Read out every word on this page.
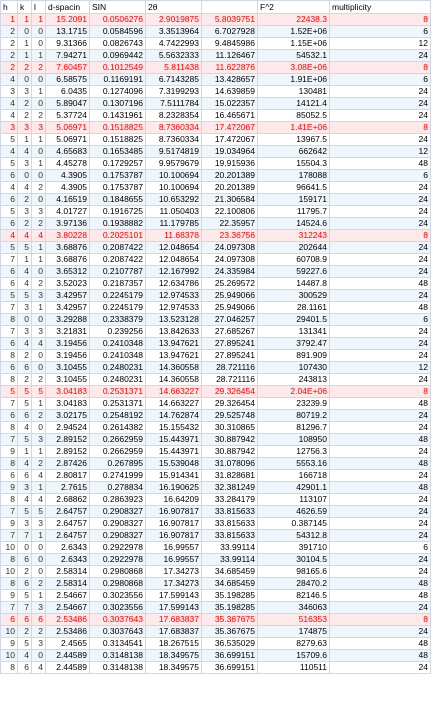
h	k	l	d-spacin	SIN	2θ		F^2	multiplicity
1	1	1	15.2091	0.0506276	2.9019875	5.8039751	22438.3	8
2	0	0	13.1715	0.0584596	3.3513964	6.7027928	1.52E+06	6
2	1	0	9.31366	0.0826743	4.7422993	9.4845986	1.15E+06	12
2	1	1	7.94271	0.0969442	5.5632333	11.126467	54532.1	24
2	2	2	7.60457	0.1012549	5.811438	11.622876	3.08E+06	8
4	0	0	6.58575	0.1169191	6.7143285	13.428657	1.91E+06	6
3	3	1	6.0435	0.1274096	7.3199293	14.639859	130481	24
4	2	0	5.89047	0.1307196	7.5111784	15.022357	14121.4	24
4	2	2	5.37724	0.1431961	8.2328354	16.465671	85052.5	24
3	3	3	5.06971	0.1518825	8.7360334	17.472067	1.41E+06	8
5	1	1	5.06971	0.1518825	8.7360334	17.472067	13967.5	24
4	4	0	4.65683	0.1653485	9.5174819	19.034964	662642	12
5	3	1	4.45278	0.1729257	9.9579679	19.915936	15504.3	48
6	0	0	4.3905	0.1753787	10.100694	20.201389	178088	6
4	4	2	4.3905	0.1753787	10.100694	20.201389	96641.5	24
6	2	0	4.16519	0.1848655	10.653292	21.306584	159171	24
5	3	3	4.01727	0.1916725	11.050403	22.100806	11795.7	24
6	2	2	3.97136	0.1938882	11.179785	22.35957	14524.6	24
4	4	4	3.80228	0.2025101	11.68378	23.36756	312243	8
5	5	1	3.68876	0.2087422	12.048654	24.097308	202644	24
7	1	1	3.68876	0.2087422	12.048654	24.097308	60708.9	24
6	4	0	3.65312	0.2107787	12.167992	24.335984	59227.6	24
6	4	2	3.52023	0.2187357	12.634786	25.269572	14487.8	48
5	5	3	3.42957	0.2245179	12.974533	25.949066	300529	24
7	3	1	3.42957	0.2245179	12.974533	25.949066	28.1161	48
8	0	0	3.29288	0.2338379	13.523128	27.046257	29401.5	6
7	3	3	3.21831	0.239256	13.842633	27.685267	131341	24
6	4	4	3.19456	0.2410348	13.947621	27.895241	3792.47	24
8	2	0	3.19456	0.2410348	13.947621	27.895241	891.909	24
6	6	0	3.10455	0.2480231	14.360558	28.721116	107430	12
8	2	2	3.10455	0.2480231	14.360558	28.721116	243813	24
5	5	5	3.04183	0.2531371	14.663227	29.326454	2.04E+06	8
7	5	1	3.04183	0.2531371	14.663227	29.326454	23239.9	48
6	6	2	3.02175	0.2548192	14.762874	29.525748	80719.2	24
8	4	0	2.94524	0.2614382	15.155432	30.310865	81296.7	24
7	5	3	2.89152	0.2662959	15.443971	30.887942	108950	48
9	1	1	2.89152	0.2662959	15.443971	30.887942	12756.3	24
8	4	2	2.87426	0.267895	15.539048	31.078096	5553.16	48
6	6	4	2.80817	0.2741999	15.914341	31.828681	166718	24
9	3	1	2.7615	0.278834	16.190625	32.381249	42901.1	48
8	4	4	2.68862	0.2863923	16.64209	33.284179	113107	24
7	5	5	2.64757	0.2908327	16.907817	33.815633	4626.59	24
9	3	3	2.64757	0.2908327	16.907817	33.815633	0.387145	24
7	7	1	2.64757	0.2908327	16.907817	33.815633	54312.8	24
10	0	0	2.6343	0.2922978	16.99557	33.99114	391710	6
8	6	0	2.6343	0.2922978	16.99557	33.99114	30104.5	24
10	2	0	2.58314	0.2980868	17.34273	34.685459	98165.6	24
8	6	2	2.58314	0.2980868	17.34273	34.685459	28470.2	48
9	5	1	2.54667	0.3023556	17.599143	35.198285	82146.5	48
7	7	3	2.54667	0.3023556	17.599143	35.198285	346063	24
6	6	6	2.53486	0.3037643	17.683837	35.367675	516353	8
10	2	2	2.53486	0.3037643	17.683837	35.367675	174875	24
9	5	3	2.4565	0.3134541	18.267515	36.535029	8279.63	48
10	4	0	2.44589	0.3148138	18.349575	36.699151	15709.6	48
8	6	4	2.44589	0.3148138	18.349575	36.699151	110511	24
